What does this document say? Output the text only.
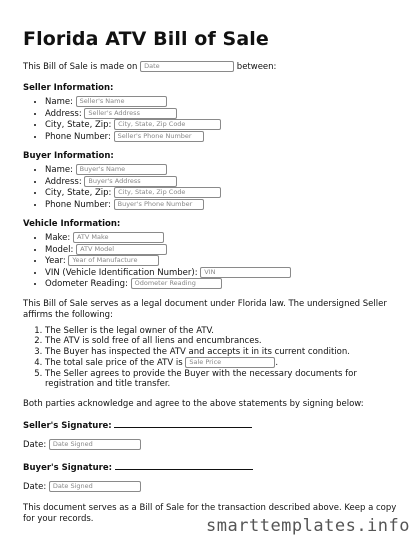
Florida ATV Bill of Sale
This Bill of Sale is made on Date	between:
Seller Information:
• Name: Seller's Name
• Address: Seller's Address
• City, State, Zip: City, State, Zip Code
• Phone Number: Seller's Phone Number
Buyer Information:
• Name: Buyer's Name
• Address: Buyer's Address
• City, State, Zip: City, State, Zip Code
• Phone Number: Buyer's Phone Number
Vehicle Information:
• Make: ATV Make
• Model: ATV Model
• Year: Year of Manufacture
• VIN (Vehicle Identification Number): VIN
• Odometer Reading: Odometer Reading

This Bill of Sale serves as a legal document under Florida law. The undersigned Seller affirms the following:

1. The Seller is the legal owner of the ATV.
2. The ATV is sold free of all liens and encumbrances.
3. The Buyer has inspected the ATV and accepts it in its current condition.
4. The total sale price of the ATV is Sale Price	.
5. The Seller agrees to provide the Buyer with the necessary documents for registration and title transfer.

Both parties acknowledge and agree to the above statements by signing below:

Seller's Signature:
Date: Date Signed
Buyer's Signature:
Date: Date Signed

This document serves as a Bill of Sale for the transaction described above. Keep a copy for your records.	smarttemplates.info
